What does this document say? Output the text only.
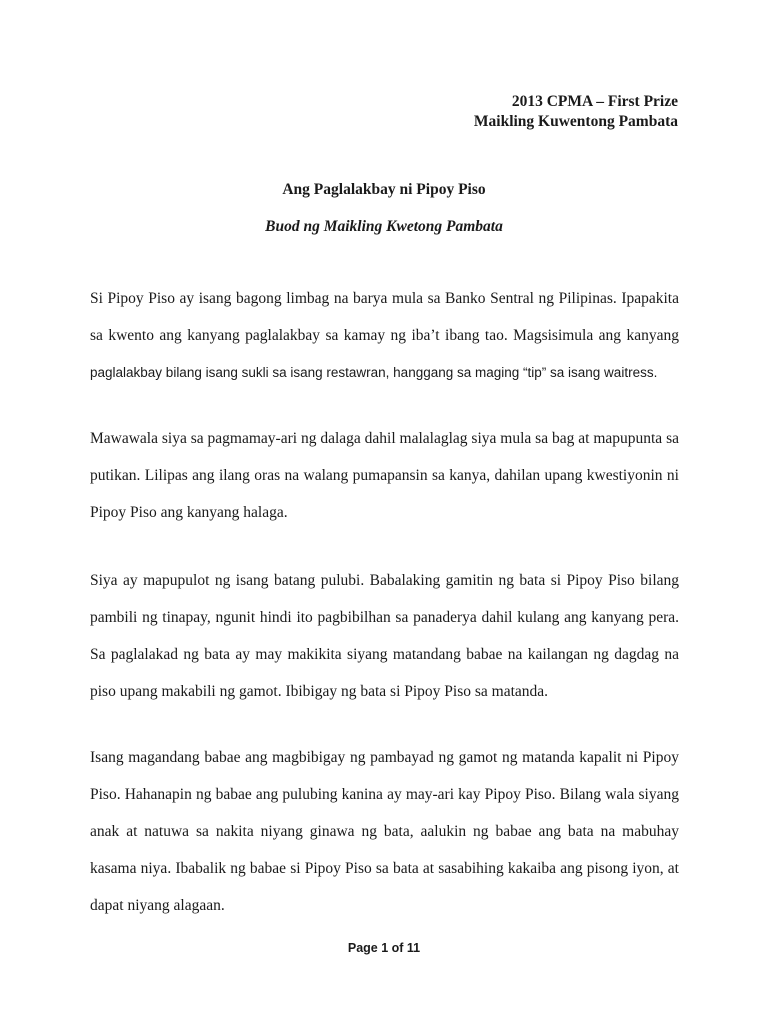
2013 CPMA – First Prize
Maikling Kuwentong Pambata
Ang Paglalakbay ni Pipoy Piso
Buod ng Maikling Kwetong Pambata

Si Pipoy Piso ay isang bagong limbag na barya mula sa Banko Sentral ng Pilipinas. Ipapakita sa kwento ang kanyang paglalakbay sa kamay ng iba’t ibang tao. Magsisimula ang kanyang paglalakbay bilang isang sukli sa isang restawran, hanggang sa maging “tip” sa isang waitress.

Mawawala siya sa pagmamay-ari ng dalaga dahil malalaglag siya mula sa bag at mapupunta sa putikan. Lilipas ang ilang oras na walang pumapansin sa kanya, dahilan upang kwestiyonin ni Pipoy Piso ang kanyang halaga.

Siya ay mapupulot ng isang batang pulubi. Babalaking gamitin ng bata si Pipoy Piso bilang pambili ng tinapay, ngunit hindi ito pagbibilhan sa panaderya dahil kulang ang kanyang pera. Sa paglalakad ng bata ay may makikita siyang matandang babae na kailangan ng dagdag na piso upang makabili ng gamot. Ibibigay ng bata si Pipoy Piso sa matanda.

Isang magandang babae ang magbibigay ng pambayad ng gamot ng matanda kapalit ni Pipoy Piso. Hahanapin ng babae ang pulubing kanina ay may-ari kay Pipoy Piso. Bilang wala siyang anak at natuwa sa nakita niyang ginawa ng bata, aalukin ng babae ang bata na mabuhay kasama niya. Ibabalik ng babae si Pipoy Piso sa bata at sasabihing kakaiba ang pisong iyon, at dapat niyang alagaan.

Page 1 of 11
